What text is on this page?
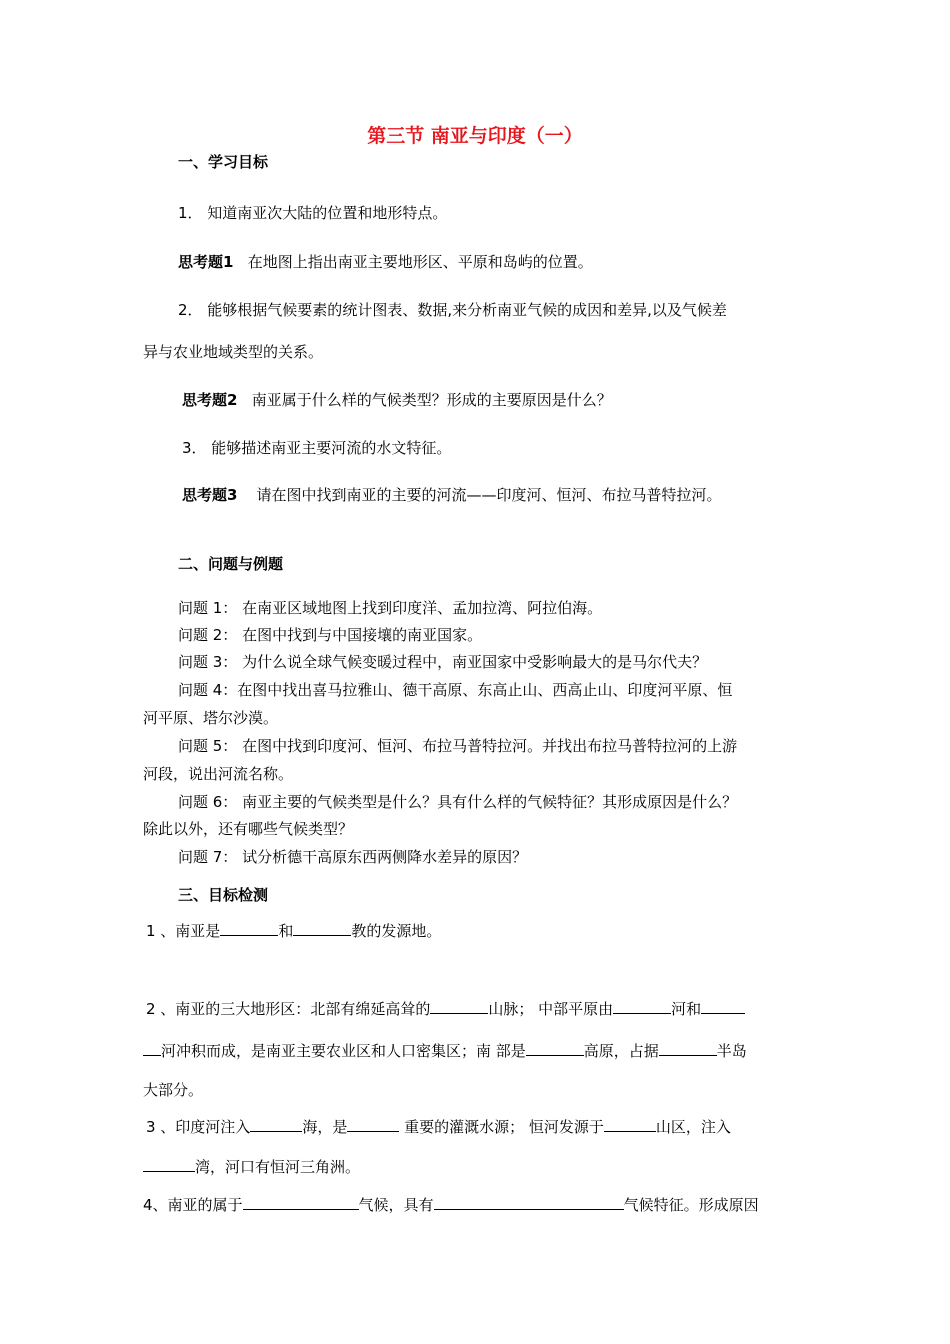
第三节 南亚与印度（一）
一、学习目标
1． 知道南亚次大陆的位置和地形特点。
思考题1 在地图上指出南亚主要地形区、平原和岛屿的位置。
2． 能够根据气候要素的统计图表、数据,来分析南亚气候的成因和差异,以及气候差
异与农业地域类型的关系。
思考题2 南亚属于什么样的气候类型？形成的主要原因是什么？
3． 能够描述南亚主要河流的水文特征。
思考题3 请在图中找到南亚的主要的河流——印度河、恒河、布拉马普特拉河。
二、问题与例题
问题 1： 在南亚区域地图上找到印度洋、孟加拉湾、阿拉伯海。
问题 2： 在图中找到与中国接壤的南亚国家。
问题 3： 为什么说全球气候变暖过程中，南亚国家中受影响最大的是马尔代夫？
问题 4：在图中找出喜马拉雅山、德干高原、东高止山、西高止山、印度河平原、恒
河平原、塔尔沙漠。
问题 5： 在图中找到印度河、恒河、布拉马普特拉河。并找出布拉马普特拉河的上游
河段，说出河流名称。
问题 6： 南亚主要的气候类型是什么？具有什么样的气候特征？其形成原因是什么？
除此以外，还有哪些气候类型？
问题 7： 试分析德干高原东西两侧降水差异的原因？
三、目标检测
1 、南亚是	和	教的发源地。
2 、南亚的三大地形区：北部有绵延高耸的	山脉； 中部平原由	河和
河冲积而成，是南亚主要农业区和人口密集区；南 部是	高原，占据	半岛
大部分。
3 、印度河注入	海，是	重要的灌溉水源； 恒河发源于	山区，注入
湾，河口有恒河三角洲。
4、南亚的属于	气候，具有	气候特征。形成原因
